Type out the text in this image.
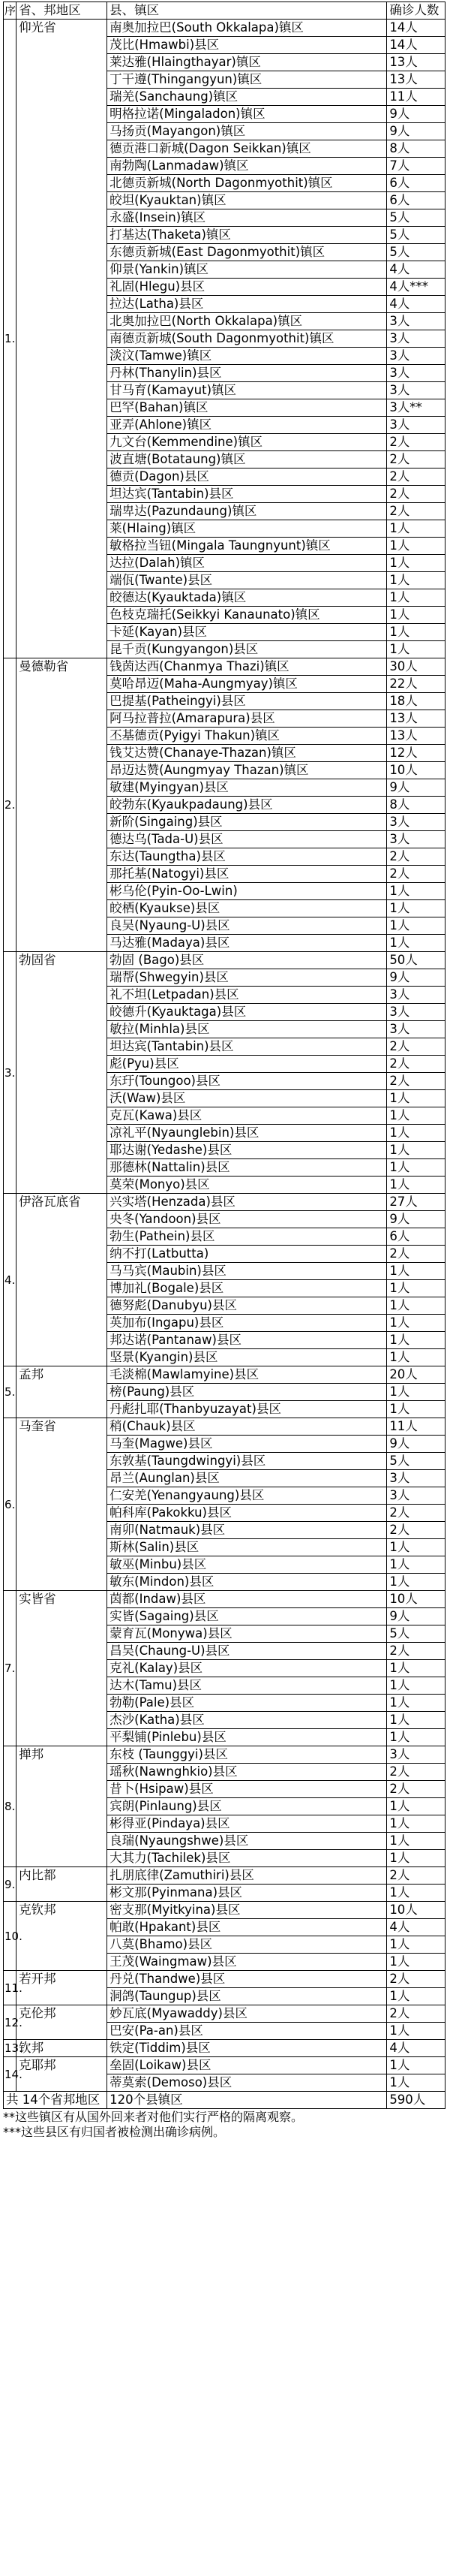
序	省、邦地区	县、镇区	确诊人数
1.	仰光省	南奥加拉巴(South Okkalapa)镇区	14人
		茂比(Hmawbi)县区	14人
		莱达雅(Hlaingthayar)镇区	13人
		丁干遵(Thingangyun)镇区	13人
		瑞羌(Sanchaung)镇区	11人
		明格拉诺(Mingaladon)镇区	9人
		马扬贡(Mayangon)镇区	9人
		德贡港口新城(Dagon Seikkan)镇区	8人
		南勃陶(Lanmadaw)镇区	7人
		北德贡新城(North Dagonmyothit)镇区	6人
		皎坦(Kyauktan)镇区	6人
		永盛(Insein)镇区	5人
		打基达(Thaketa)镇区	5人
		东德贡新城(East Dagonmyothit)镇区	5人
		仰景(Yankin)镇区	4人
		礼固(Hlegu)县区	4人***
		拉达(Latha)县区	4人
		北奥加拉巴(North Okkalapa)镇区	3人
		南德贡新城(South Dagonmyothit)镇区	3人
		淡汶(Tamwe)镇区	3人
		丹林(Thanylin)县区	3人
		甘马育(Kamayut)镇区	3人
		巴罕(Bahan)镇区	3人**
		亚弄(Ahlone)镇区	3人
		九文台(Kemmendine)镇区	2人
		波直塘(Botataung)镇区	2人
		德贡(Dagon)县区	2人
		坦达宾(Tantabin)县区	2人
		瑞卑达(Pazundaung)镇区	2人
		莱(Hlaing)镇区	1人
		敏格拉当钮(Mingala Taungnyunt)镇区	1人
		达拉(Dalah)镇区	1人
		端佤(Twante)县区	1人
		皎德达(Kyauktada)镇区	1人
		色枝克瑞托(Seikkyi Kanaunato)镇区	1人
		卡延(Kayan)县区	1人
		昆千贡(Kungyangon)县区	1人
2.	曼德勒省	钱茵达西(Chanmya Thazi)镇区	30人
		莫哈昂迈(Maha-Aungmyay)镇区	22人
		巴提基(Patheingyi)县区	18人
		阿马拉普拉(Amarapura)县区	13人
		丕基德贡(Pyigyi Thakun)镇区	13人
		钱艾达赞(Chanaye-Thazan)镇区	12人
		昂迈达赞(Aungmyay Thazan)镇区	10人
		敏建(Myingyan)县区	9人
		皎勃东(Kyaukpadaung)县区	8人
		新阶(Singaing)县区	3人
		德达乌(Tada-U)县区	3人
		东达(Taungtha)县区	2人
		那托基(Natogyi)县区	2人
		彬乌伦(Pyin-Oo-Lwin)	1人
		皎栖(Kyaukse)县区	1人
		良吴(Nyaung-U)县区	1人
		马达雅(Madaya)县区	1人
3.	勃固省	勃固 (Bago)县区	50人
		瑞帮(Shwegyin)县区	9人
		礼不坦(Letpadan)县区	3人
		皎德升(Kyauktaga)县区	3人
		敏拉(Minhla)县区	3人
		坦达宾(Tantabin)县区	2人
		彪(Pyu)县区	2人
		东玗(Toungoo)县区	2人
		沃(Waw)县区	1人
		克瓦(Kawa)县区	1人
		凉礼平(Nyaunglebin)县区	1人
		耶达谢(Yedashe)县区	1人
		那德林(Nattalin)县区	1人
		莫荣(Monyo)县区	1人
4.	伊洛瓦底省	兴实塔(Henzada)县区	27人
		央冬(Yandoon)县区	9人
		勃生(Pathein)县区	6人
		纳不打(Latbutta)	2人
		马马宾(Maubin)县区	1人
		博加礼(Bogale)县区	1人
		德努彪(Danubyu)县区	1人
		英加布(Ingapu)县区	1人
		邦达诺(Pantanaw)县区	1人
		坚景(Kyangin)县区	1人
5.	孟邦	毛淡棉(Mawlamyine)县区	20人
		榜(Paung)县区	1人
		丹彪扎耶(Thanbyuzayat)县区	1人
6.	马奎省	稍(Chauk)县区	11人
		马奎(Magwe)县区	9人
		东敦基(Taungdwingyi)县区	5人
		昂兰(Aunglan)县区	3人
		仁安羌(Yenangyaung)县区	3人
		帕科库(Pakokku)县区	2人
		南卯(Natmauk)县区	2人
		斯林(Salin)县区	1人
		敏巫(Minbu)县区	1人
		敏东(Mindon)县区	1人
7.	实皆省	茵都(Indaw)县区	10人
		实皆(Sagaing)县区	9人
		蒙育瓦(Monywa)县区	5人
		昌吴(Chaung-U)县区	2人
		克礼(Kalay)县区	1人
		达木(Tamu)县区	1人
		勃勒(Pale)县区	1人
		杰沙(Katha)县区	1人
		平梨铺(Pinlebu)县区	1人
8.	掸邦	东枝 (Taunggyi)县区	3人
		瑶秋(Nawnghkio)县区	2人
		昔卜(Hsipaw)县区	2人
		宾朗(Pinlaung)县区	1人
		彬得亚(Pindaya)县区	1人
		良瑞(Nyaungshwe)县区	1人
		大其力(Tachilek)县区	1人
9.	内比都	扎朋底律(Zamuthiri)县区	2人
		彬文那(Pyinmana)县区	1人
10.	克钦邦	密支那(Myitkyina)县区	10人
		帕敢(Hpakant)县区	4人
		八莫(Bhamo)县区	1人
		王茂(Waingmaw)县区	1人
11.	若开邦	丹兑(Thandwe)县区	2人
		洞鸽(Taungup)县区	1人
12.	克伦邦	妙瓦底(Myawaddy)县区	2人
		巴安(Pa-an)县区	1人
13.	钦邦	铁定(Tiddim)县区	4人
14.	克耶邦	垒固(Loikaw)县区	1人
		蒂莫索(Demoso)县区	1人
共 14个省邦地区		120个县镇区	590人
**这些镇区有从国外回来者对他们实行严格的隔离观察。
***这些县区有归国者被检测出确诊病例。
